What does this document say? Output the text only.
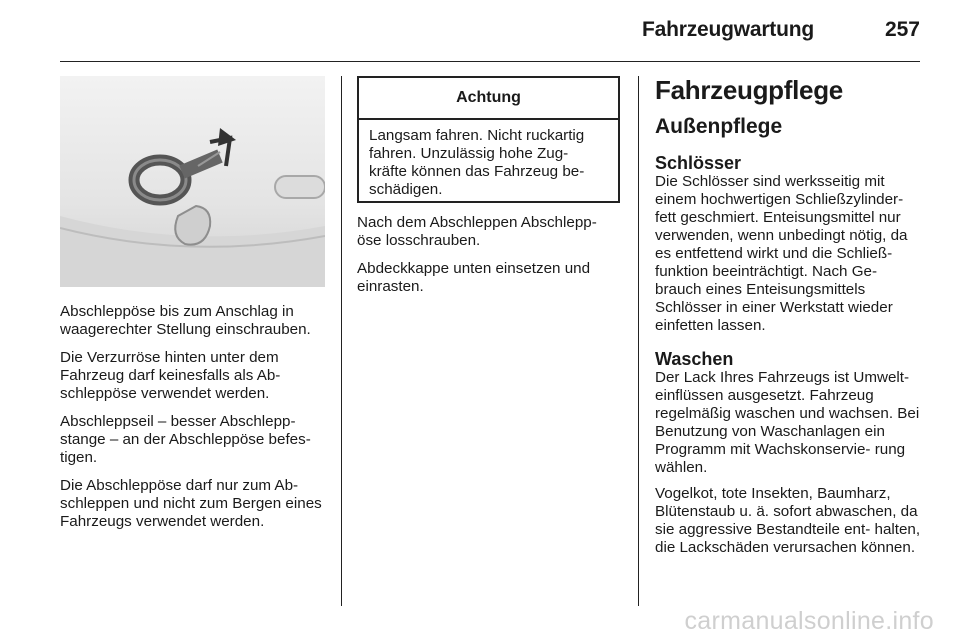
Fahrzeugwartung	257

Abschleppöse bis zum Anschlag in waagerechter Stellung einschrauben.

Die Verzurröse hinten unter dem Fahrzeug darf keinesfalls als Ab- schleppöse verwendet werden.

Abschleppseil – besser Abschlepp- stange – an der Abschleppöse befes- tigen.

Die Abschleppöse darf nur zum Ab- schleppen und nicht zum Bergen eines Fahrzeugs verwendet werden.

Achtung
Langsam fahren. Nicht ruckartig fahren. Unzulässig hohe Zug- kräfte können das Fahrzeug be- schädigen.

Nach dem Abschleppen Abschlepp- öse losschrauben.

Abdeckkappe unten einsetzen und einrasten.

Fahrzeugpflege
Außenpflege
Schlösser

Die Schlösser sind werksseitig mit einem hochwertigen Schließzylinder- fett geschmiert. Enteisungsmittel nur verwenden, wenn unbedingt nötig, da es entfettend wirkt und die Schließ- funktion beeinträchtigt. Nach Ge- brauch eines Enteisungsmittels Schlösser in einer Werkstatt wieder einfetten lassen.

Waschen

Der Lack Ihres Fahrzeugs ist Umwelt- einflüssen ausgesetzt. Fahrzeug regelmäßig waschen und wachsen. Bei Benutzung von Waschanlagen ein Programm mit Wachskonservie- rung wählen.

Vogelkot, tote Insekten, Baumharz, Blütenstaub u. ä. sofort abwaschen, da sie aggressive Bestandteile ent- halten, die Lackschäden verursachen können.

carmanualsonline.info
